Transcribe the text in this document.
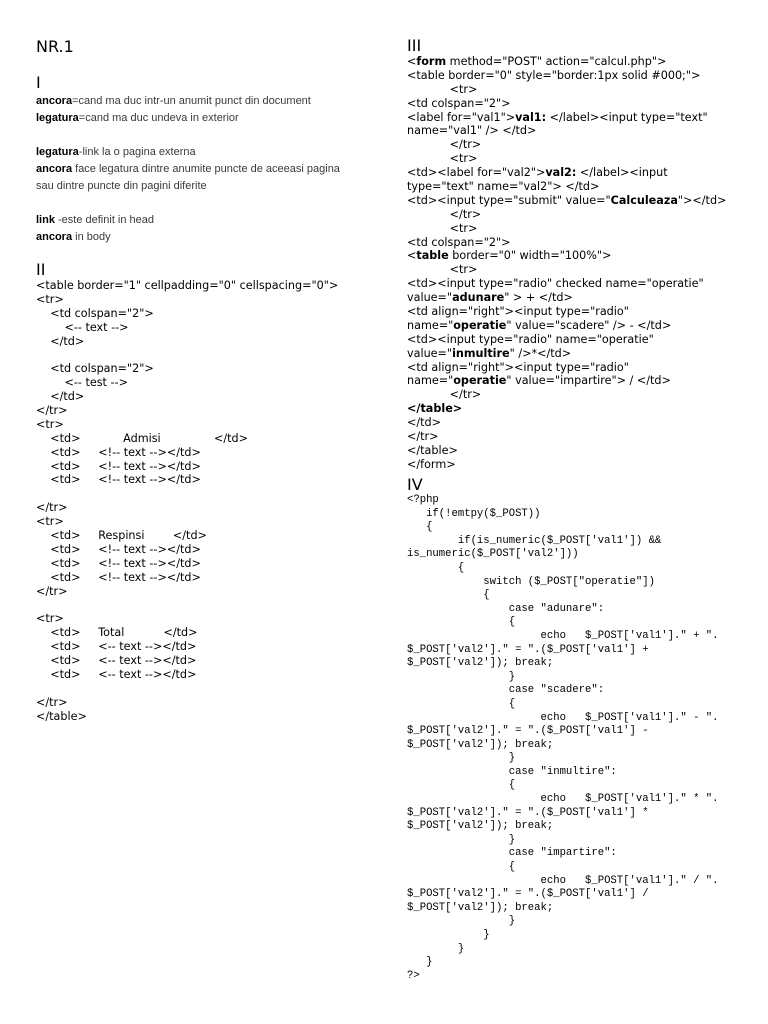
NR.1
I
ancora=cand ma duc intr-un anumit punct din document
legatura=cand ma duc undeva in exterior
legatura-link la o pagina externa
ancora face legatura dintre anumite puncte de aceeasi pagina
sau dintre puncte din pagini diferite
link -este definit in head
ancora in body
II
<table border="1" cellpadding="0" cellspacing="0">
<tr>
<td colspan="2">
<-- text -->
</td>
<td colspan="2">
<-- test -->
</td>
</tr>
<tr>
<td>            Admisi               </td>
<td>     <!-- text --></td>
<td>     <!-- text --></td>
<td>     <!-- text --></td>
</tr>
<tr>
<td>     Respinsi        </td>
<td>     <!-- text --></td>
<td>     <!-- text --></td>
<td>     <!-- text --></td>
</tr>
<tr>
<td>     Total           </td>
<td>     <-- text --></td>
<td>     <-- text --></td>
<td>     <-- text --></td>
</tr>
</table>
III
<form method="POST" action="calcul.php">
<table border="0" style="border:1px solid #000;">
<tr>
<td colspan="2">
<label for="val1">val1: </label><input type="text"
name="val1" /> </td>
</tr>
<tr>
<td><label for="val2">val2: </label><input
type="text" name="val2"> </td>
<td><input type="submit" value="Calculeaza"></td>
</tr>
<tr>
<td colspan="2">
<table border="0" width="100%">
<tr>
<td><input type="radio" checked name="operatie"
value="adunare" > + </td>
<td align="right"><input type="radio"
name="operatie" value="scadere" /> - </td>
<td><input type="radio" name="operatie"
value="inmultire" />*</td>
<td align="right"><input type="radio"
name="operatie" value="impartire"> / </td>
</tr>
</table>
</td>
</tr>
</table>
</form>
IV
<?php
if(!emtpy($_POST))
{
if(is_numeric($_POST['val1']) &&
is_numeric($_POST['val2']))
{
switch ($_POST["operatie"])
{
case "adunare":
{
echo   $_POST['val1']." + ".
$_POST['val2']." = ".($_POST['val1'] +
$_POST['val2']); break;
}
case "scadere":
{
echo   $_POST['val1']." - ".
$_POST['val2']." = ".($_POST['val1'] -
$_POST['val2']); break;
}
case "inmultire":
{
echo   $_POST['val1']." * ".
$_POST['val2']." = ".($_POST['val1'] *
$_POST['val2']); break;
}
case "impartire":
{
echo   $_POST['val1']." / ".
$_POST['val2']." = ".($_POST['val1'] /
$_POST['val2']); break;
}
}
}
}
?>
